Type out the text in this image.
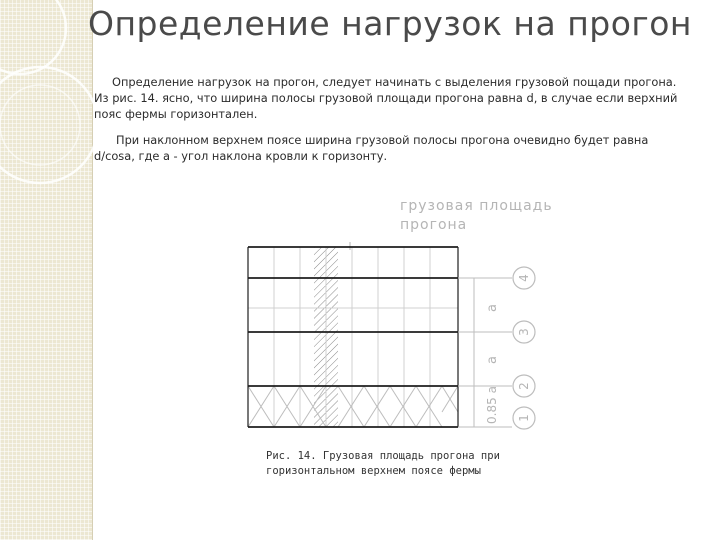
Определение нагрузок на прогон

Определение нагрузок на прогон, следует начинать с выделения грузовой пощади прогона. Из рис. 14. ясно, что ширина полосы грузовой площади прогона равна d, в случае если верхний пояс фермы горизонтален.

При наклонном верхнем поясе ширина грузовой полосы прогона очевидно будет равна d/cosa, где a - угол наклона кровли к горизонту.

грузовая площадь
прогона
a
a
0.85 a
4
3
2
1

Рис. 14. Грузовая площадь прогона при
горизонтальном верхнем поясе фермы
